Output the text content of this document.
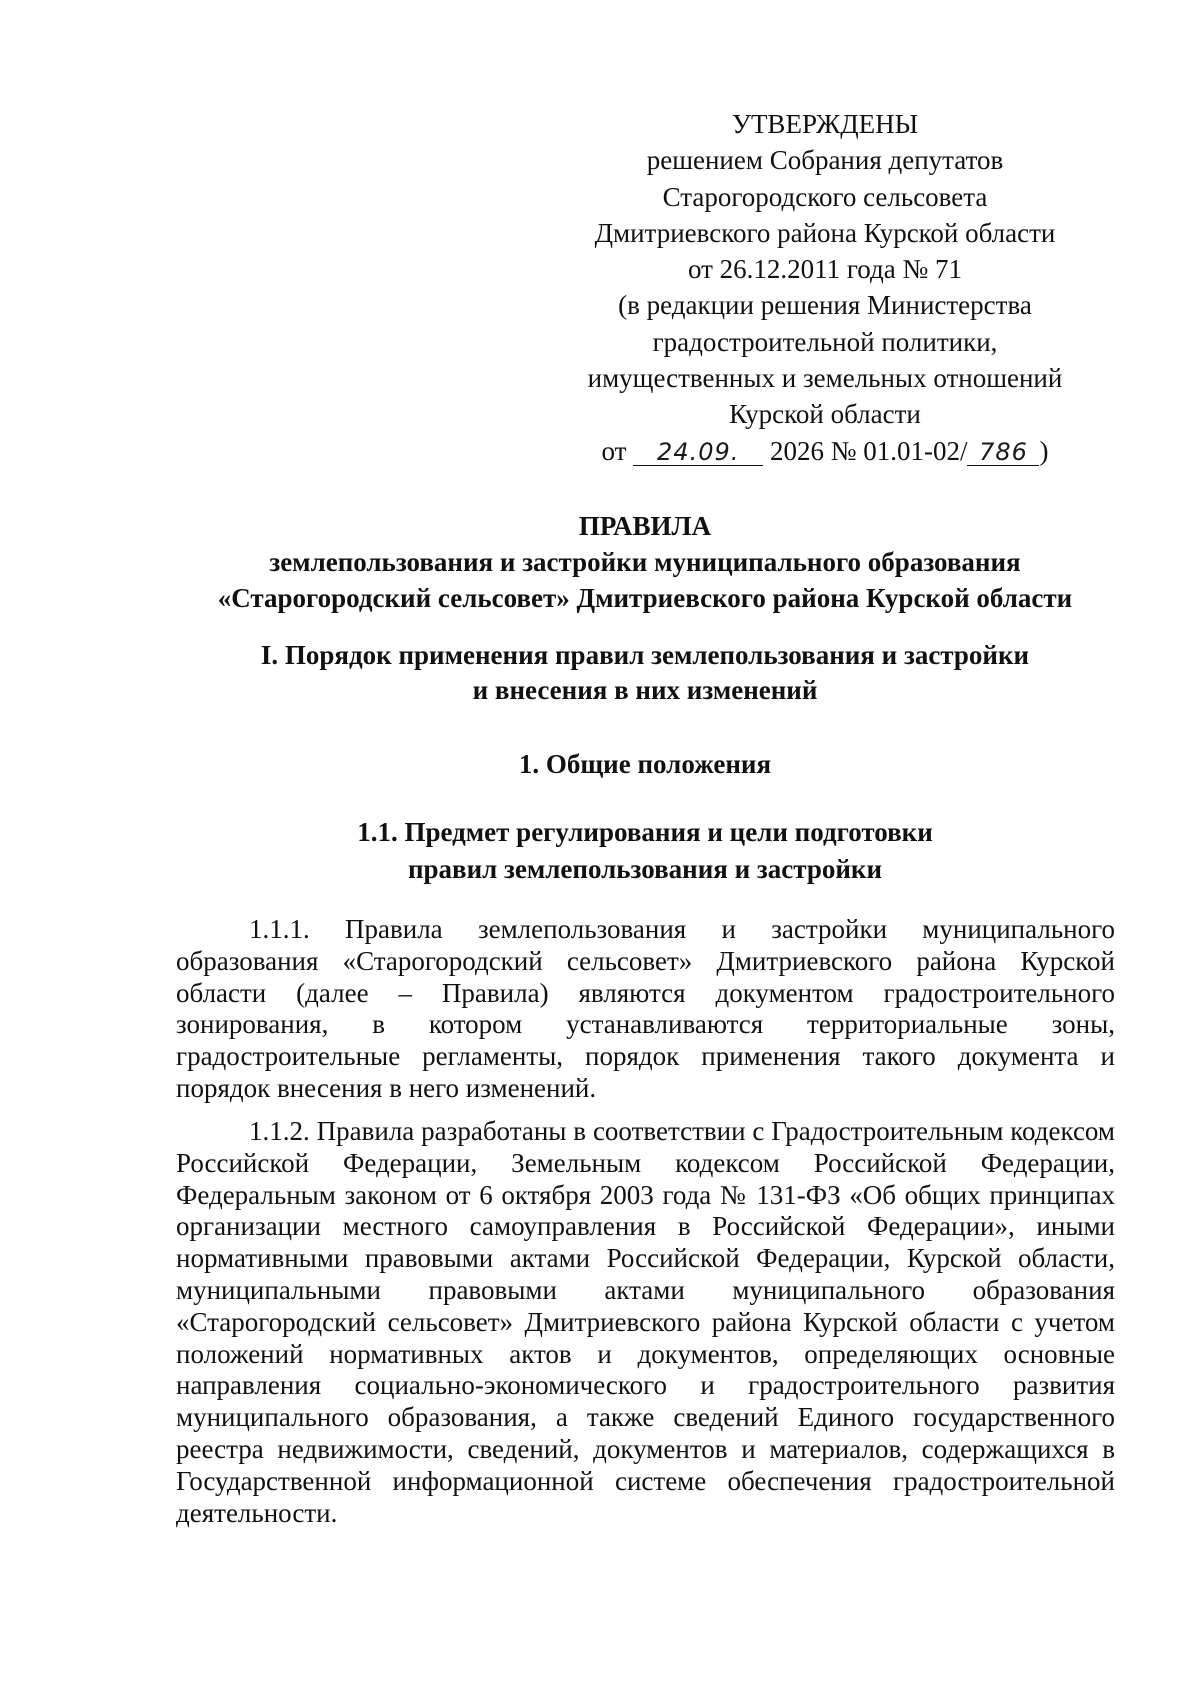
УТВЕРЖДЕНЫ
решением Собрания депутатов
Старогородского сельсовета
Дмитриевского района Курской области
от 26.12.2011 года № 71
(в редакции решения Министерства
градостроительной политики,
имущественных и земельных отношений
Курской области
от 24.09. 2026 № 01.01-02/ 786 )
ПРАВИЛА
землепользования и застройки муниципального образования
«Старогородский сельсовет» Дмитриевского района Курской области
I. Порядок применения правил землепользования и застройки
и внесения в них изменений
1. Общие положения
1.1. Предмет регулирования и цели подготовки
правил землепользования и застройки

1.1.1. Правила землепользования и застройки муниципального образования «Старогородский сельсовет» Дмитриевского района Курской области (далее – Правила) являются документом градостроительного зонирования, в котором устанавливаются территориальные зоны, градостроительные регламенты, порядок применения такого документа и порядок внесения в него изменений.

1.1.2. Правила разработаны в соответствии с Градостроительным кодексом Российской Федерации, Земельным кодексом Российской Федерации, Федеральным законом от 6 октября 2003 года № 131-ФЗ «Об общих принципах организации местного самоуправления в Российской Федерации», иными нормативными правовыми актами Российской Федерации, Курской области, муниципальными правовыми актами муниципального образования «Старогородский сельсовет» Дмитриевского района Курской области с учетом положений нормативных актов и документов, определяющих основные направления социально-экономического и градостроительного развития муниципального образования, а также сведений Единого государственного реестра недвижимости, сведений, документов и материалов, содержащихся в Государственной информационной системе обеспечения градостроительной деятельности.
